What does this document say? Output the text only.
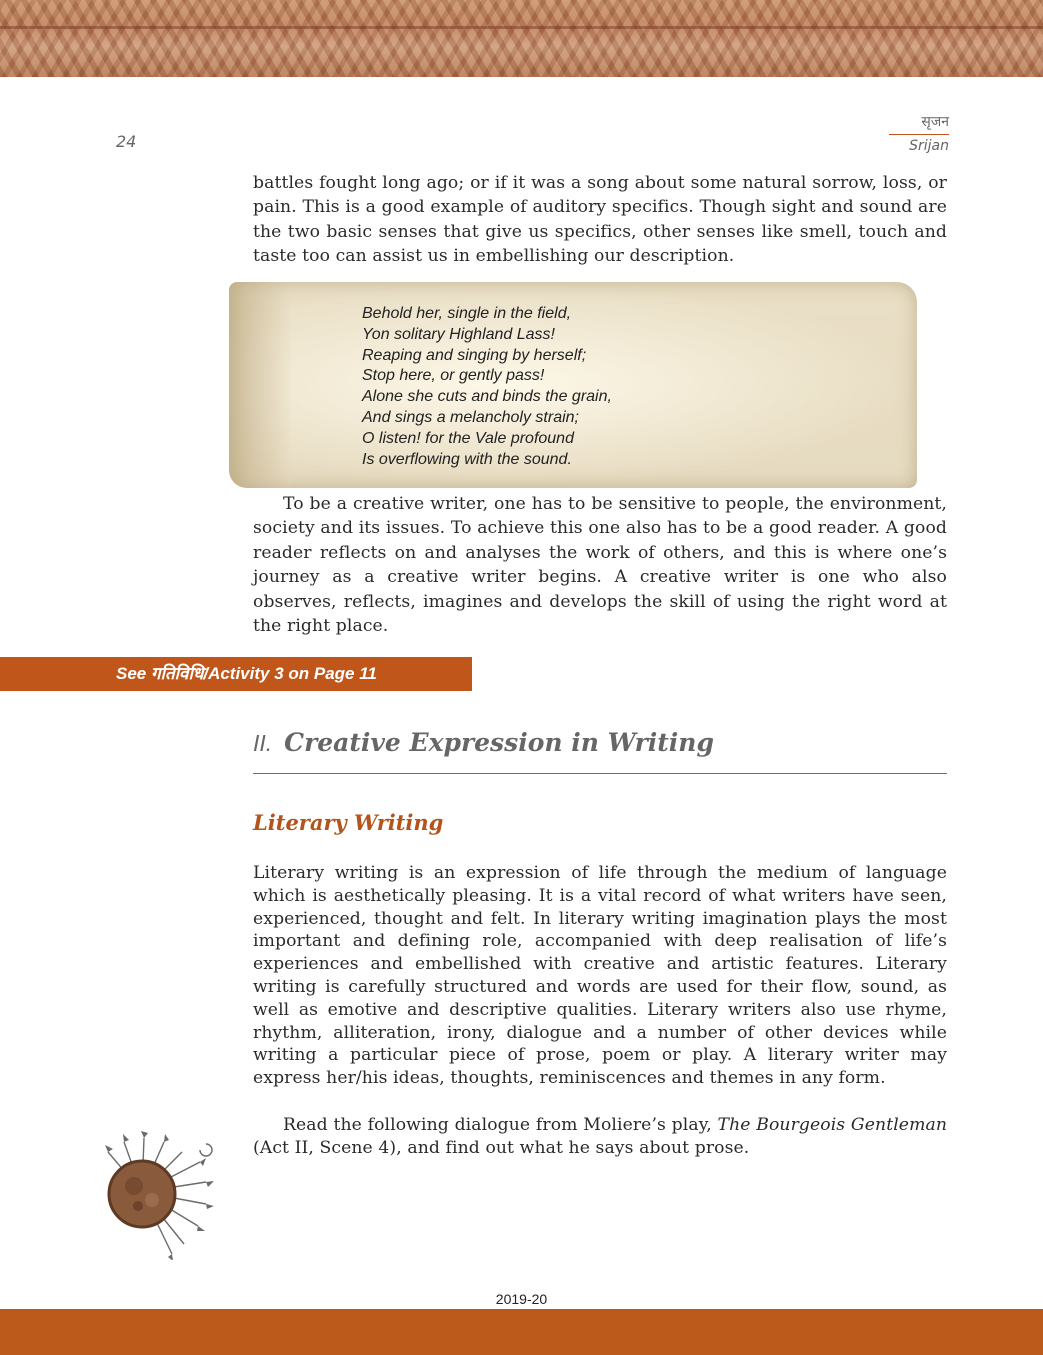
24
सृजन
Srijan

battles fought long ago; or if it was a song about some natural sorrow, loss, or pain. This is a good example of auditory specifics. Though sight and sound are the two basic senses that give us specifics, other senses like smell, touch and taste too can assist us in embellishing our description.

Behold her, single in the field,
Yon solitary Highland Lass!
Reaping and singing by herself;
Stop here, or gently pass!
Alone she cuts and binds the grain,
And sings a melancholy strain;
O listen! for the Vale profound
Is overflowing with the sound.

To be a creative writer, one has to be sensitive to people, the environment, society and its issues. To achieve this one also has to be a good reader. A good reader reflects on and analyses the work of others, and this is where one’s journey as a creative writer begins. A creative writer is one who also observes, reflects, imagines and develops the skill of using the right word at the right place.

See गतिविधि/Activity 3 on Page 11
II. Creative Expression in Writing
Literary Writing

Literary writing is an expression of life through the medium of language which is aesthetically pleasing. It is a vital record of what writers have seen, experienced, thought and felt. In literary writing imagination plays the most important and defining role, accompanied with deep realisation of life’s experiences and embellished with creative and artistic features. Literary writing is carefully structured and words are used for their flow, sound, as well as emotive and descriptive qualities. Literary writers also use rhyme, rhythm, alliteration, irony, dialogue and a number of other devices while writing a particular piece of prose, poem or play. A literary writer may express her/his ideas, thoughts, reminiscences and themes in any form.

Read the following dialogue from Moliere’s play, The Bourgeois Gentleman (Act II, Scene 4), and find out what he says about prose.

2019-20
